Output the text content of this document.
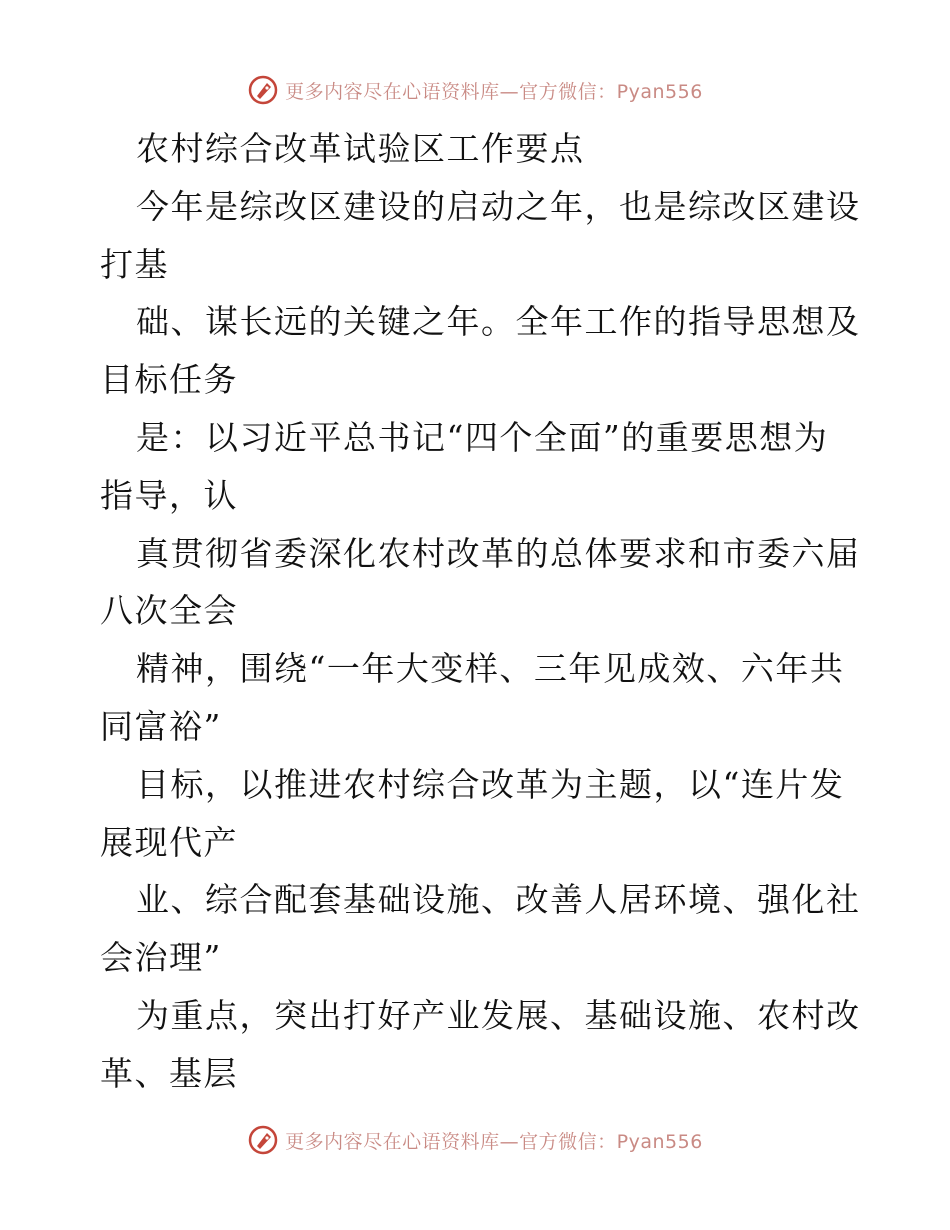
更多内容尽在心语资料库—官方微信：Pyan556
农村综合改革试验区工作要点
今年是综改区建设的启动之年，也是综改区建设
打基
础、谋长远的关键之年。全年工作的指导思想及
目标任务
是：以习近平总书记“四个全面”的重要思想为
指导，认
真贯彻省委深化农村改革的总体要求和市委六届
八次全会
精神，围绕“一年大变样、三年见成效、六年共
同富裕”
目标，以推进农村综合改革为主题，以“连片发
展现代产
业、综合配套基础设施、改善人居环境、强化社
会治理”
为重点，突出打好产业发展、基础设施、农村改
革、基层
更多内容尽在心语资料库—官方微信：Pyan556
